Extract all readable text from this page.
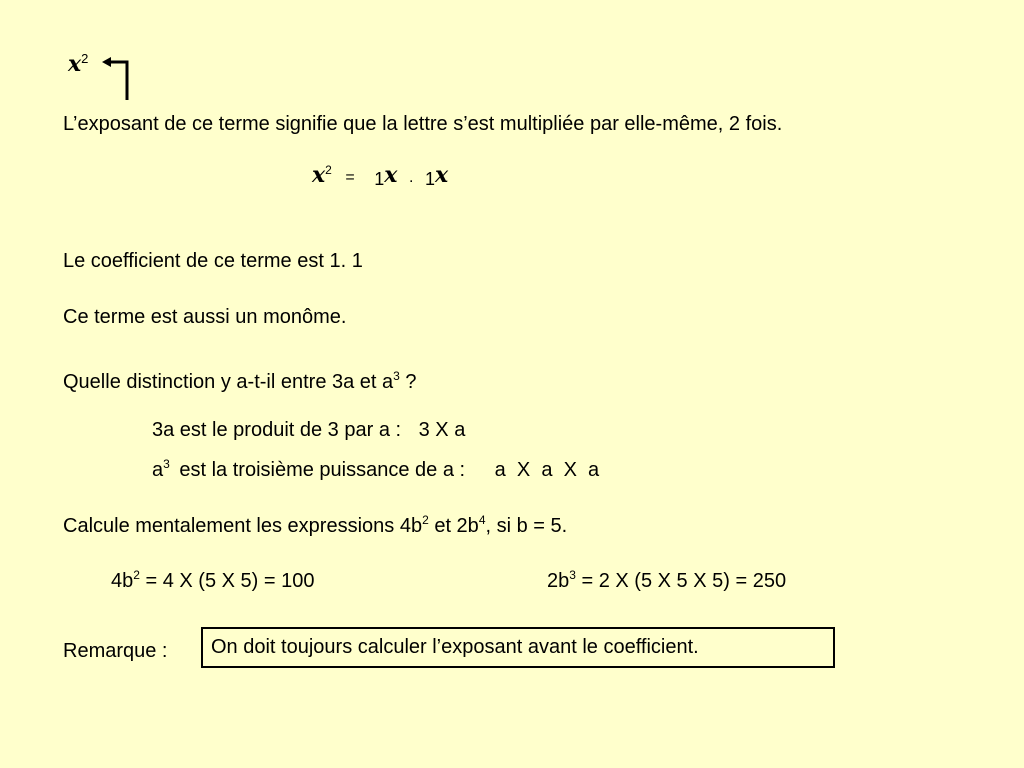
$x^2$
L’exposant de ce terme signifie que la lettre s’est multipliée par elle-même, 2 fois.
$x^2 = 1x$ . 1x
Le coefficient de ce terme est 1. 1
Ce terme est aussi un monôme.
Quelle distinction y a-t-il entre 3a et $a^3$ ?
3a est le produit de 3 par a : 3 X a
$a^3$ est la troisième puissance de a : a  X  a  X  a
Calcule mentalement les expressions $4b^2$ et $2b^4$, si b = 5.
$4b^2 = 4$ X (5 X 5) = 100	$2b^3 = 2$ X (5 X 5 X 5) = 250
Remarque :	On doit toujours calculer l’exposant avant le coefficient.
